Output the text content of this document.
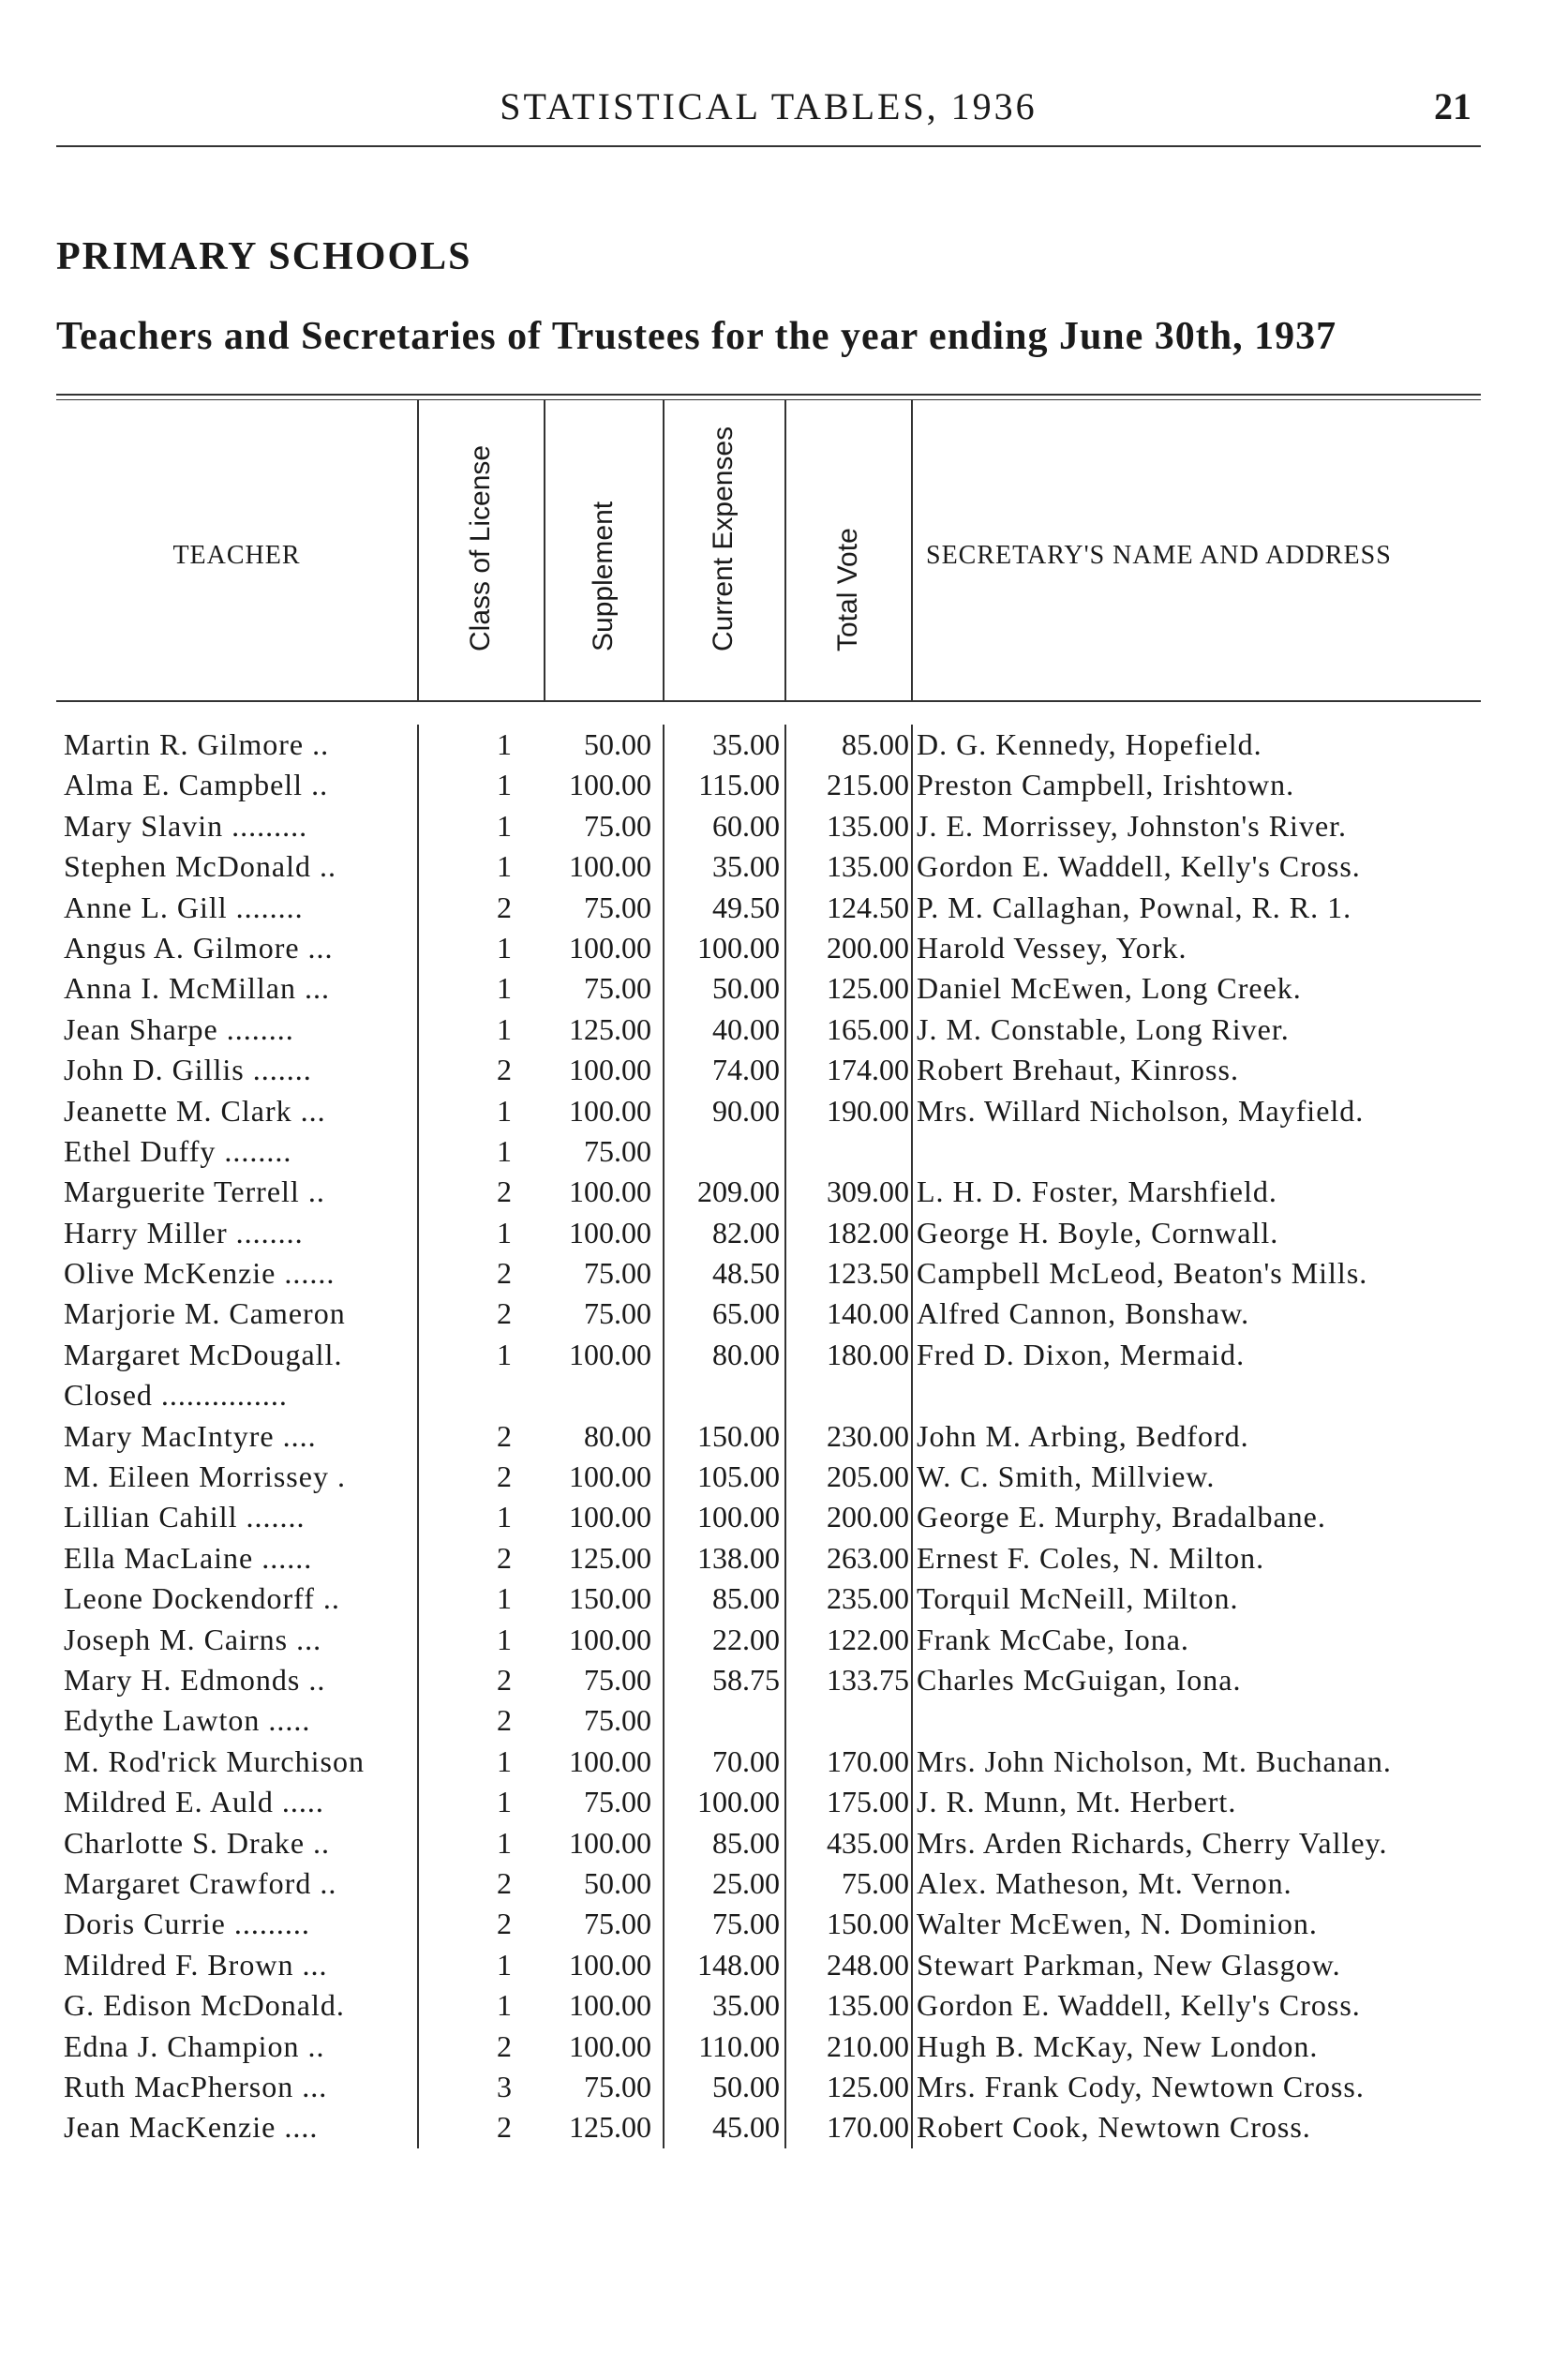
STATISTICAL TABLES, 1936	21
PRIMARY SCHOOLS
Teachers and Secretaries of Trustees for the year ending June 30th, 1937
TEACHER	Class of License	Supplement	Current Expenses	Total Vote	SECRETARY'S NAME AND ADDRESS
Martin R. Gilmore ..	1	50.00	35.00	85.00 D. G. Kennedy, Hopefield.
Alma E. Campbell ..	1	100.00	115.00	215.00 Preston Campbell, Irishtown.
Mary Slavin .........	1	75.00	60.00	135.00 J. E. Morrissey, Johnston's River.
Stephen McDonald ..	1	100.00	35.00	135.00 Gordon E. Waddell, Kelly's Cross.
Anne L. Gill ........	2	75.00	49.50	124.50 P. M. Callaghan, Pownal, R. R. 1.
Angus A. Gilmore ...	1	100.00	100.00	200.00 Harold Vessey, York.
Anna I. McMillan ...	1	75.00	50.00	125.00 Daniel McEwen, Long Creek.
Jean Sharpe ........	1	125.00	40.00	165.00 J. M. Constable, Long River.
John D. Gillis .......	2	100.00	74.00	174.00 Robert Brehaut, Kinross.
Jeanette M. Clark ...	1	100.00	90.00	190.00 Mrs. Willard Nicholson, Mayfield.
Ethel Duffy ........	1	75.00
Marguerite Terrell ..	2	100.00	209.00	309.00 L. H. D. Foster, Marshfield.
Harry Miller ........	1	100.00	82.00	182.00 George H. Boyle, Cornwall.
Olive McKenzie ......	2	75.00	48.50	123.50 Campbell McLeod, Beaton's Mills.
Marjorie M. Cameron	2	75.00	65.00	140.00 Alfred Cannon, Bonshaw.
Margaret McDougall.	1	100.00	80.00	180.00 Fred D. Dixon, Mermaid.
Closed ...............
Mary MacIntyre ....	2	80.00	150.00	230.00 John M. Arbing, Bedford.
M. Eileen Morrissey .	2	100.00	105.00	205.00 W. C. Smith, Millview.
Lillian Cahill .......	1	100.00	100.00	200.00 George E. Murphy, Bradalbane.
Ella MacLaine ......	2	125.00	138.00	263.00 Ernest F. Coles, N. Milton.
Leone Dockendorff ..	1	150.00	85.00	235.00 Torquil McNeill, Milton.
Joseph M. Cairns ...	1	100.00	22.00	122.00 Frank McCabe, Iona.
Mary H. Edmonds ..	2	75.00	58.75	133.75 Charles McGuigan, Iona.
Edythe Lawton .....	2	75.00
M. Rod'rick Murchison	1	100.00	70.00	170.00 Mrs. John Nicholson, Mt. Buchanan.
Mildred E. Auld .....	1	75.00	100.00	175.00 J. R. Munn, Mt. Herbert.
Charlotte S. Drake ..	1	100.00	85.00	435.00 Mrs. Arden Richards, Cherry Valley.
Margaret Crawford ..	2	50.00	25.00	75.00 Alex. Matheson, Mt. Vernon.
Doris Currie .........	2	75.00	75.00	150.00 Walter McEwen, N. Dominion.
Mildred F. Brown ...	1	100.00	148.00	248.00 Stewart Parkman, New Glasgow.
G. Edison McDonald.	1	100.00	35.00	135.00 Gordon E. Waddell, Kelly's Cross.
Edna J. Champion ..	2	100.00	110.00	210.00 Hugh B. McKay, New London.
Ruth MacPherson ...	3	75.00	50.00	125.00 Mrs. Frank Cody, Newtown Cross.
Jean MacKenzie ....	2	125.00	45.00	170.00 Robert Cook, Newtown Cross.
